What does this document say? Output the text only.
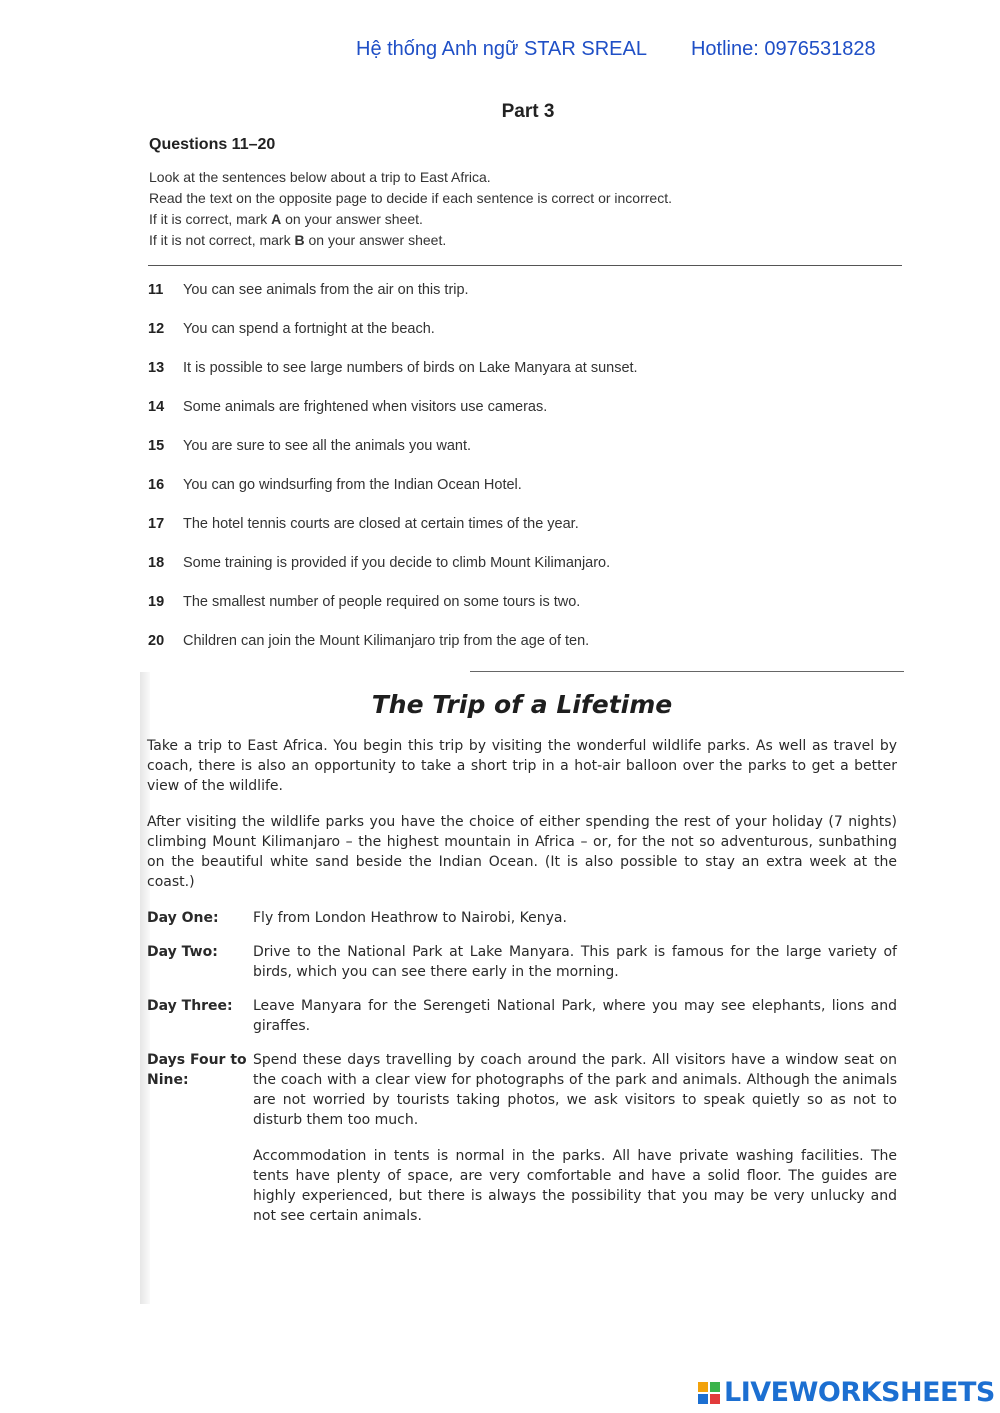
Hệ thống Anh ngữ STAR SREAL Hotline: 0976531828
Part 3
Questions 11–20

Look at the sentences below about a trip to East Africa.

Read the text on the opposite page to decide if each sentence is correct or incorrect.

If it is correct, mark A on your answer sheet.

If it is not correct, mark B on your answer sheet.

11 You can see animals from the air on this trip.
12 You can spend a fortnight at the beach.
13 It is possible to see large numbers of birds on Lake Manyara at sunset.
14 Some animals are frightened when visitors use cameras.
15 You are sure to see all the animals you want.
16 You can go windsurfing from the Indian Ocean Hotel.
17 The hotel tennis courts are closed at certain times of the year.
18 Some training is provided if you decide to climb Mount Kilimanjaro.
19 The smallest number of people required on some tours is two.
20 Children can join the Mount Kilimanjaro trip from the age of ten.
The Trip of a Lifetime

Take a trip to East Africa. You begin this trip by visiting the wonderful wildlife parks. As well as travel by coach, there is also an opportunity to take a short trip in a hot-air balloon over the parks to get a better view of the wildlife.

After visiting the wildlife parks you have the choice of either spending the rest of your holiday (7 nights) climbing Mount Kilimanjaro – the highest mountain in Africa – or, for the not so adventurous, sunbathing on the beautiful white sand beside the Indian Ocean. (It is also possible to stay an extra week at the coast.)

Day One:	Fly from London Heathrow to Nairobi, Kenya.
Day Two:	Drive to the National Park at Lake Manyara. This park is famous for the large variety of birds, which you can see there early in the morning.
Day Three:	Leave Manyara for the Serengeti National Park, where you may see elephants, lions and giraffes.
Days Four to Nine:

Spend these days travelling by coach around the park. All visitors have a window seat on the coach with a clear view for photographs of the park and animals. Although the animals are not worried by tourists taking photos, we ask visitors to speak quietly so as not to disturb them too much.

Accommodation in tents is normal in the parks. All have private washing facilities. The tents have plenty of space, are very comfortable and have a solid floor. The guides are highly experienced, but there is always the possibility that you may be very unlucky and not see certain animals.

LIVEWORKSHEETS
